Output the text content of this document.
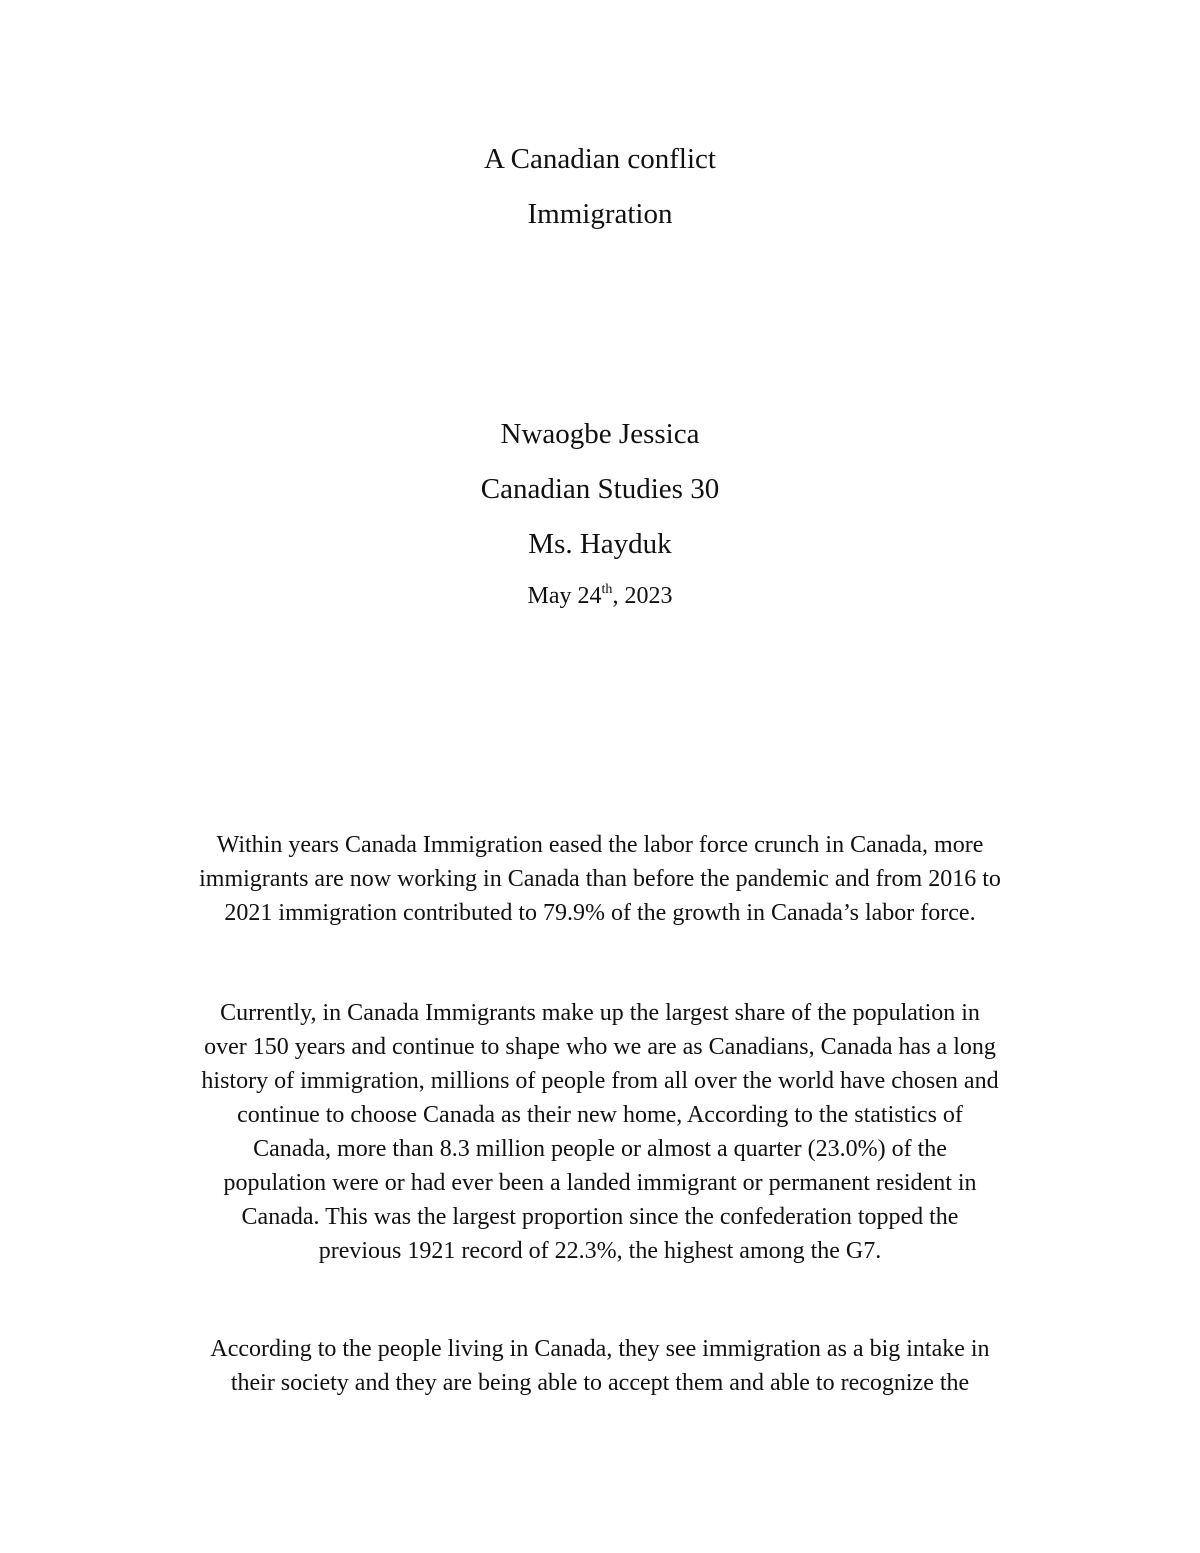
A Canadian conflict
Immigration
Nwaogbe Jessica
Canadian Studies 30
Ms. Hayduk
May 24th, 2023
Within years Canada Immigration eased the labor force crunch in Canada, more
immigrants are now working in Canada than before the pandemic and from 2016 to
2021 immigration contributed to 79.9% of the growth in Canada’s labor force.
Currently, in Canada Immigrants make up the largest share of the population in
over 150 years and continue to shape who we are as Canadians, Canada has a long
history of immigration, millions of people from all over the world have chosen and
continue to choose Canada as their new home, According to the statistics of
Canada, more than 8.3 million people or almost a quarter (23.0%) of the
population were or had ever been a landed immigrant or permanent resident in
Canada. This was the largest proportion since the confederation topped the
previous 1921 record of 22.3%, the highest among the G7.
According to the people living in Canada, they see immigration as a big intake in
their society and they are being able to accept them and able to recognize the
